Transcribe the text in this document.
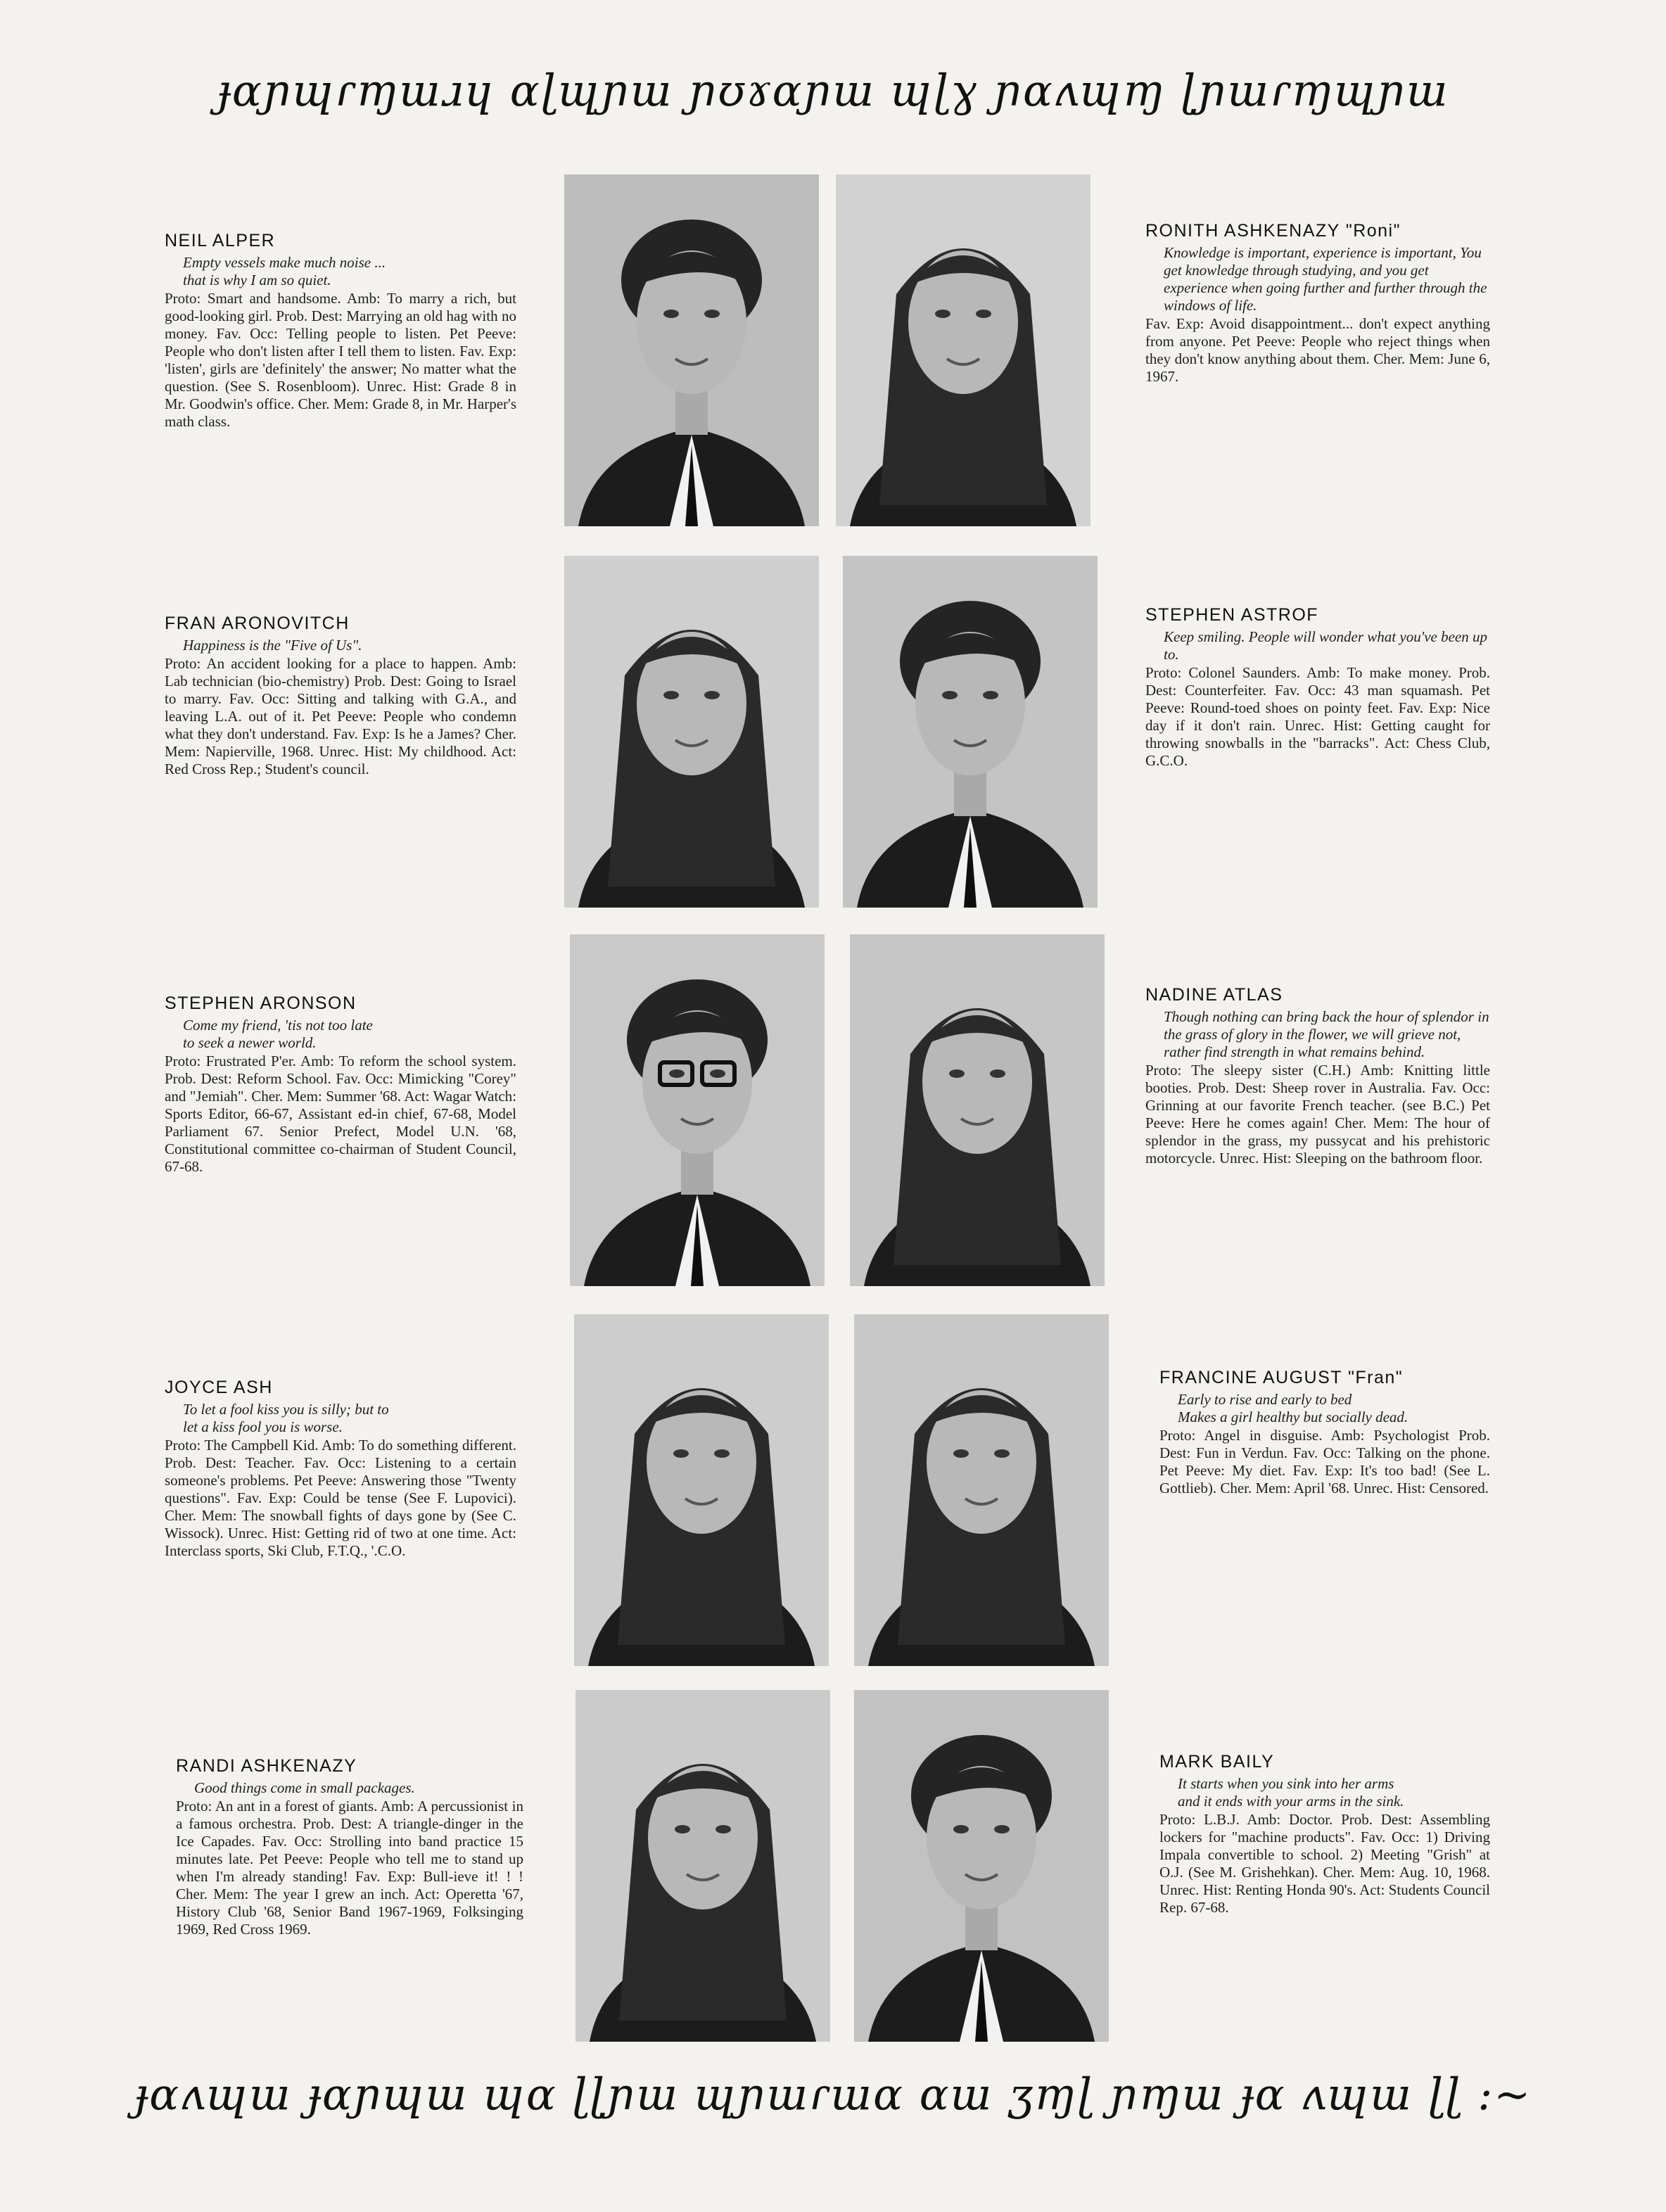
ɟɑɲɰɾɱɯɹɥ ɑɭɰɲɯ ɲʊɤɑɲɯ ɰɭɣ ɲɑʌɰɱ ɭɲɯɾɱɰɲɯ
NEIL ALPER
Empty vessels make much noise ...
that is why I am so quiet.
Proto: Smart and handsome. Amb: To marry a rich, but good-looking girl. Prob. Dest: Marrying an old hag with no money. Fav. Occ: Telling people to listen. Pet Peeve: People who don't listen after I tell them to listen. Fav. Exp: 'listen', girls are 'definitely' the answer; No matter what the question. (See S. Rosenbloom). Unrec. Hist: Grade 8 in Mr. Goodwin's office. Cher. Mem: Grade 8, in Mr. Harper's math class.
RONITH ASHKENAZY "Roni"
Knowledge is important, experience is important, You get knowledge through studying, and you get experience when going further and further through the windows of life.
Fav. Exp: Avoid disappointment... don't expect anything from anyone. Pet Peeve: People who reject things when they don't know anything about them. Cher. Mem: June 6, 1967.
FRAN ARONOVITCH
Happiness is the "Five of Us".
Proto: An accident looking for a place to happen. Amb: Lab technician (bio-chemistry) Prob. Dest: Going to Israel to marry. Fav. Occ: Sitting and talking with G.A., and leaving L.A. out of it. Pet Peeve: People who condemn what they don't understand. Fav. Exp: Is he a James? Cher. Mem: Napierville, 1968. Unrec. Hist: My childhood. Act: Red Cross Rep.; Student's council.
STEPHEN ASTROF
Keep smiling. People will wonder what you've been up to.
Proto: Colonel Saunders. Amb: To make money. Prob. Dest: Counterfeiter. Fav. Occ: 43 man squamash. Pet Peeve: Round-toed shoes on pointy feet. Fav. Exp: Nice day if it don't rain. Unrec. Hist: Getting caught for throwing snowballs in the "barracks". Act: Chess Club, G.C.O.
STEPHEN ARONSON
Come my friend, 'tis not too late
to seek a newer world.
Proto: Frustrated P'er. Amb: To reform the school system. Prob. Dest: Reform School. Fav. Occ: Mimicking "Corey" and "Jemiah". Cher. Mem: Summer '68. Act: Wagar Watch: Sports Editor, 66-67, Assistant ed-in chief, 67-68, Model Parliament 67. Senior Prefect, Model U.N. '68, Constitutional committee co-chairman of Student Council, 67-68.
NADINE ATLAS
Though nothing can bring back the hour of splendor in the grass of glory in the flower, we will grieve not, rather find strength in what remains behind.
Proto: The sleepy sister (C.H.) Amb: Knitting little booties. Prob. Dest: Sheep rover in Australia. Fav. Occ: Grinning at our favorite French teacher. (see B.C.) Pet Peeve: Here he comes again! Cher. Mem: The hour of splendor in the grass, my pussycat and his prehistoric motorcycle. Unrec. Hist: Sleeping on the bathroom floor.
JOYCE ASH
To let a fool kiss you is silly; but to
let a kiss fool you is worse.
Proto: The Campbell Kid. Amb: To do something different. Prob. Dest: Teacher. Fav. Occ: Listening to a certain someone's problems. Pet Peeve: Answering those "Twenty questions". Fav. Exp: Could be tense (See F. Lupovici). Cher. Mem: The snowball fights of days gone by (See C. Wissock). Unrec. Hist: Getting rid of two at one time. Act: Interclass sports, Ski Club, F.T.Q., '.C.O.
FRANCINE AUGUST "Fran"
Early to rise and early to bed
Makes a girl healthy but socially dead.
Proto: Angel in disguise. Amb: Psychologist Prob. Dest: Fun in Verdun. Fav. Occ: Talking on the phone. Pet Peeve: My diet. Fav. Exp: It's too bad! (See L. Gottlieb). Cher. Mem: April '68. Unrec. Hist: Censored.
RANDI ASHKENAZY
Good things come in small packages.
Proto: An ant in a forest of giants. Amb: A percussionist in a famous orchestra. Prob. Dest: A triangle-dinger in the Ice Capades. Fav. Occ: Strolling into band practice 15 minutes late. Pet Peeve: People who tell me to stand up when I'm already standing! Fav. Exp: Bull-ieve it! ! ! Cher. Mem: The year I grew an inch. Act: Operetta '67, History Club '68, Senior Band 1967-1969, Folksinging 1969, Red Cross 1969.
MARK BAILY
It starts when you sink into her arms
and it ends with your arms in the sink.
Proto: L.B.J. Amb: Doctor. Prob. Dest: Assembling lockers for "machine products". Fav. Occ: 1) Driving Impala convertible to school. 2) Meeting "Grish" at O.J. (See M. Grishehkan). Cher. Mem: Aug. 10, 1968. Unrec. Hist: Renting Honda 90's. Act: Students Council Rep. 67-68.
ɟɑʌɰɯ ɟɑɲɰɯ ɰɑ ɭɭɲɯ ɰɲɯɾɯɑ ɑɯ ʒɱɭ ɲɱɯ ɟɑ ʌɰɯ ɭɭ :~
